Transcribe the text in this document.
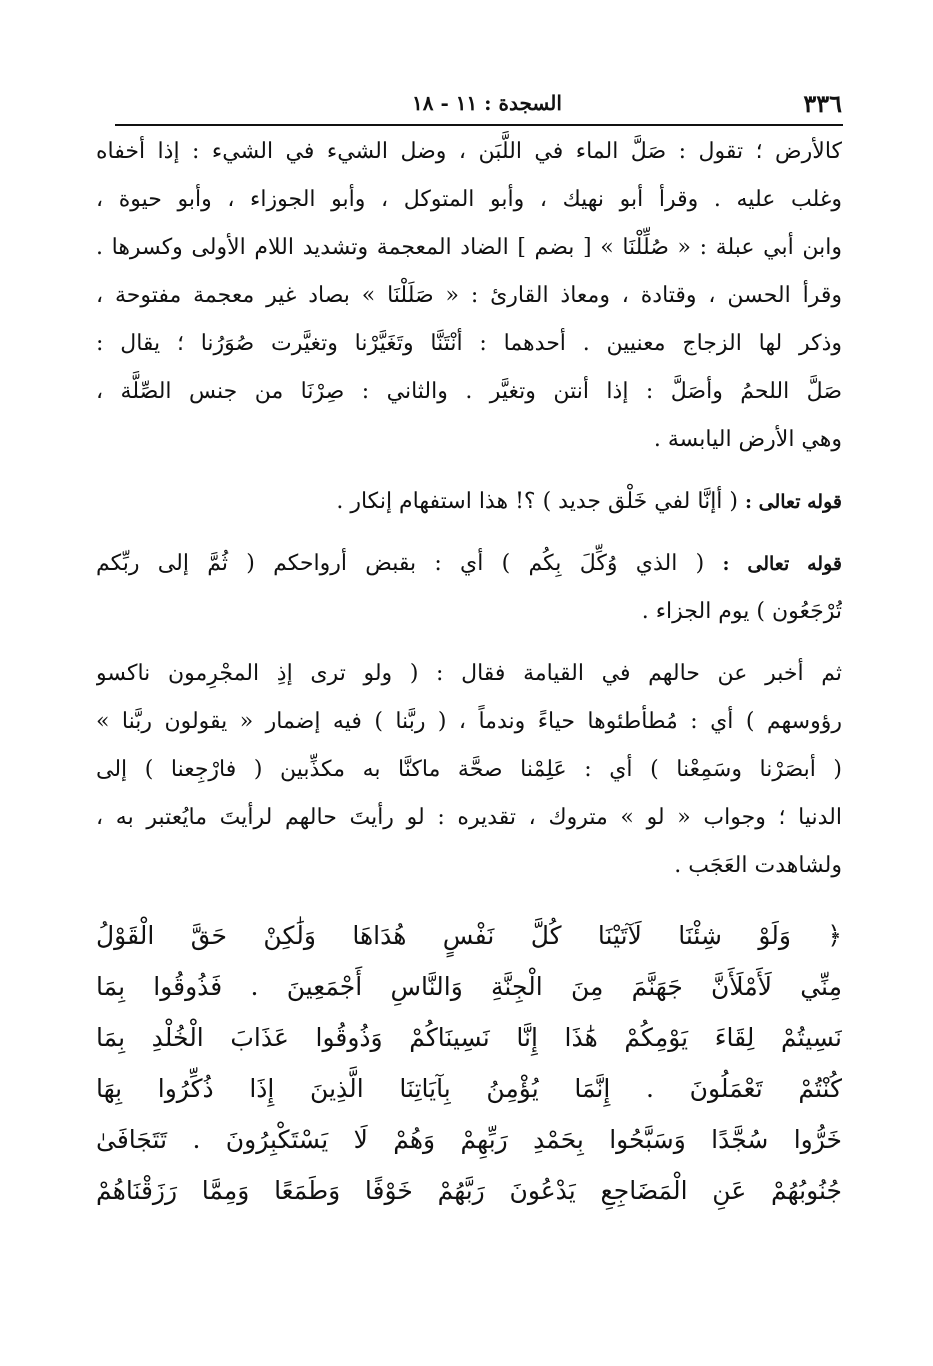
٣٣٦
السجدة : ١١ - ١٨
كالأرض ؛ تقول : صَلَّ الماء في اللَّبَن ، وضل الشيء في الشيء : إذا أخفاه
وغلب عليه . وقرأ أبو نهيك ، وأبو المتوكل ، وأبو الجوزاء ، وأبو حيوة ،
وابن أبي عبلة : « صُلِّلْنَا » [ بضم ] الضاد المعجمة وتشديد اللام الأولى وكسرها .
وقرأ الحسن ، وقتادة ، ومعاذ القارئ : « صَلَلْنَا » بصاد غير معجمة مفتوحة ،
وذكر لها الزجاج معنيين . أحدهما : أنْتَنَّا وتَغَيَّرْنا وتغيَّرت صُوَرُنا ؛ يقال :
صَلَّ اللحمُ وأصَلَّ : إذا أنتن وتغيَّر . والثاني : صِرْنَا من جنس الصِّلَّة ،
وهي الأرض اليابسة .
قوله تعالى : ( أإنَّا لفي خَلْق جديد ) ؟! هذا استفهام إنكار .
قوله تعالى : ( الذي وُكِّلَ بِكُم ) أي : بقبض أرواحكم ( ثُمَّ إلى ربِّكم
تُرْجَعُون ) يوم الجزاء .
ثم أخبر عن حالهم في القيامة فقال : ( ولو ترى إذِ المجْرِمون ناكسو
رؤوسهم ) أي : مُطأطئوها حياءً وندماً ، ( ربَّنا ) فيه إضمار « يقولون ربَّنا »
( أبصَرْنا وسَمِعْنا ) أي : عَلِمْنا صحَّة ماكنَّا به مكذِّبين ( فارْجِعنا ) إلى
الدنيا ؛ وجواب « لو » متروك ، تقديره : لو رأيتَ حالهم لرأيتَ مايُعتبر به ،
ولشاهدت العَجَب .
﴿ وَلَوْ شِئْنَا لَآتَيْنَا كُلَّ نَفْسٍ هُدَاهَا وَلَٰكِنْ حَقَّ الْقَوْلُ
مِنِّي لَأَمْلَأَنَّ جَهَنَّمَ مِنَ الْجِنَّةِ وَالنَّاسِ أَجْمَعِينَ . فَذُوقُوا بِمَا
نَسِيتُمْ لِقَاءَ يَوْمِكُمْ هَٰذَا إِنَّا نَسِينَاكُمْ وَذُوقُوا عَذَابَ الْخُلْدِ بِمَا
كُنْتُمْ تَعْمَلُونَ . إِنَّمَا يُؤْمِنُ بِآيَاتِنَا الَّذِينَ إِذَا ذُكِّرُوا بِهَا
خَرُّوا سُجَّدًا وَسَبَّحُوا بِحَمْدِ رَبِّهِمْ وَهُمْ لَا يَسْتَكْبِرُونَ . تَتَجَافَىٰ
جُنُوبُهُمْ عَنِ الْمَضَاجِعِ يَدْعُونَ رَبَّهُمْ خَوْفًا وَطَمَعًا وَمِمَّا رَزَقْنَاهُمْ
